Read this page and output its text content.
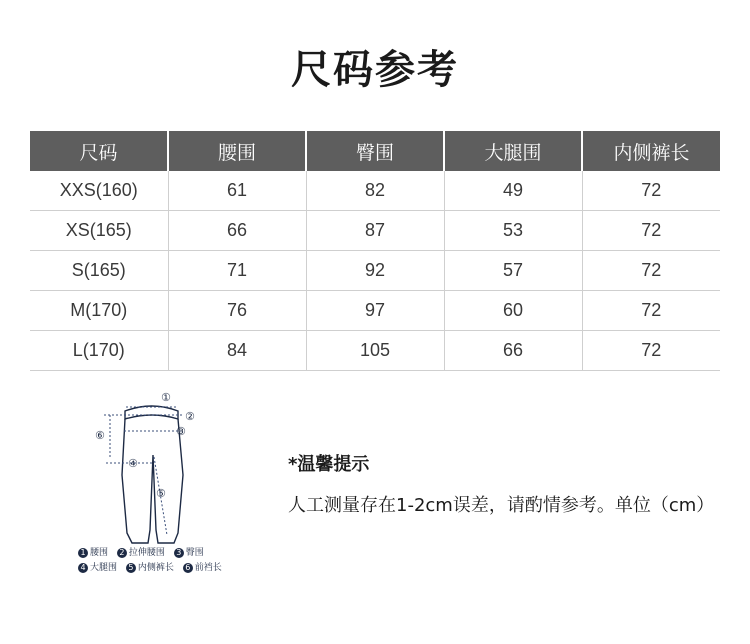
尺码参考
尺码	腰围	臀围	大腿围	内侧裤长
XXS(160)	61	82	49	72
XS(165)	66	87	53	72
S(165)	71	92	57	72
M(170)	76	97	60	72
L(170)	84	105	66	72
①
②
③
⑥
④
⑤
1 腰围 2 拉伸腰围 3 臀围
4 大腿围 5 内侧裤长 6 前裆长
*温馨提示
人工测量存在1-2cm误差，请酌情参考。单位（cm）
